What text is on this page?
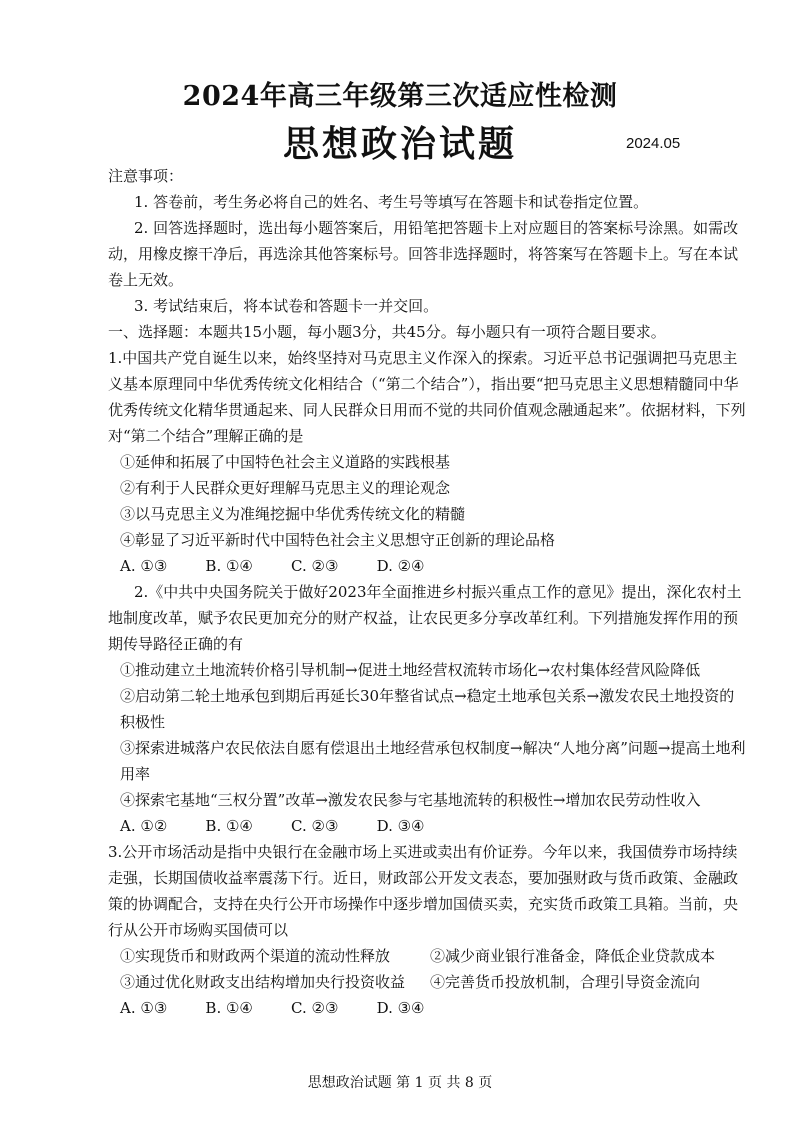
2024年高三年级第三次适应性检测
思想政治试题	2024.05

注意事项：

1. 答卷前，考生务必将自己的姓名、考生号等填写在答题卡和试卷指定位置。

2. 回答选择题时，选出每小题答案后，用铅笔把答题卡上对应题目的答案标号涂黑。如需改动，用橡皮擦干净后，再选涂其他答案标号。回答非选择题时，将答案写在答题卡上。写在本试卷上无效。

3. 考试结束后，将本试卷和答题卡一并交回。

一、选择题：本题共15小题，每小题3分，共45分。每小题只有一项符合题目要求。

1.中国共产党自诞生以来，始终坚持对马克思主义作深入的探索。习近平总书记强调把马克思主义基本原理同中华优秀传统文化相结合（“第二个结合”），指出要“把马克思主义思想精髓同中华优秀传统文化精华贯通起来、同人民群众日用而不觉的共同价值观念融通起来”。依据材料，下列对“第二个结合”理解正确的是

①延伸和拓展了中国特色社会主义道路的实践根基

②有利于人民群众更好理解马克思主义的理论观念

③以马克思主义为准绳挖掘中华优秀传统文化的精髓

④彰显了习近平新时代中国特色社会主义思想守正创新的理论品格

A. ①③	B. ①④	C. ②③	D. ②④

2.《中共中央国务院关于做好2023年全面推进乡村振兴重点工作的意见》提出，深化农村土地制度改革，赋予农民更加充分的财产权益，让农民更多分享改革红利。下列措施发挥作用的预期传导路径正确的有

①推动建立土地流转价格引导机制→促进土地经营权流转市场化→农村集体经营风险降低

②启动第二轮土地承包到期后再延长30年整省试点→稳定土地承包关系→激发农民土地投资的积极性

③探索进城落户农民依法自愿有偿退出土地经营承包权制度→解决“人地分离”问题→提高土地利用率

④探索宅基地“三权分置”改革→激发农民参与宅基地流转的积极性→增加农民劳动性收入

A. ①②	B. ①④	C. ②③	D. ③④

3.公开市场活动是指中央银行在金融市场上买进或卖出有价证券。今年以来，我国债券市场持续走强，长期国债收益率震荡下行。近日，财政部公开发文表态，要加强财政与货币政策、金融政策的协调配合，支持在央行公开市场操作中逐步增加国债买卖，充实货币政策工具箱。当前，央行从公开市场购买国债可以

①实现货币和财政两个渠道的流动性释放	②减少商业银行准备金，降低企业贷款成本
③通过优化财政支出结构增加央行投资收益	④完善货币投放机制，合理引导资金流向

A. ①③	B. ①④	C. ②③	D. ③④

思想政治试题 第 1 页 共 8 页
